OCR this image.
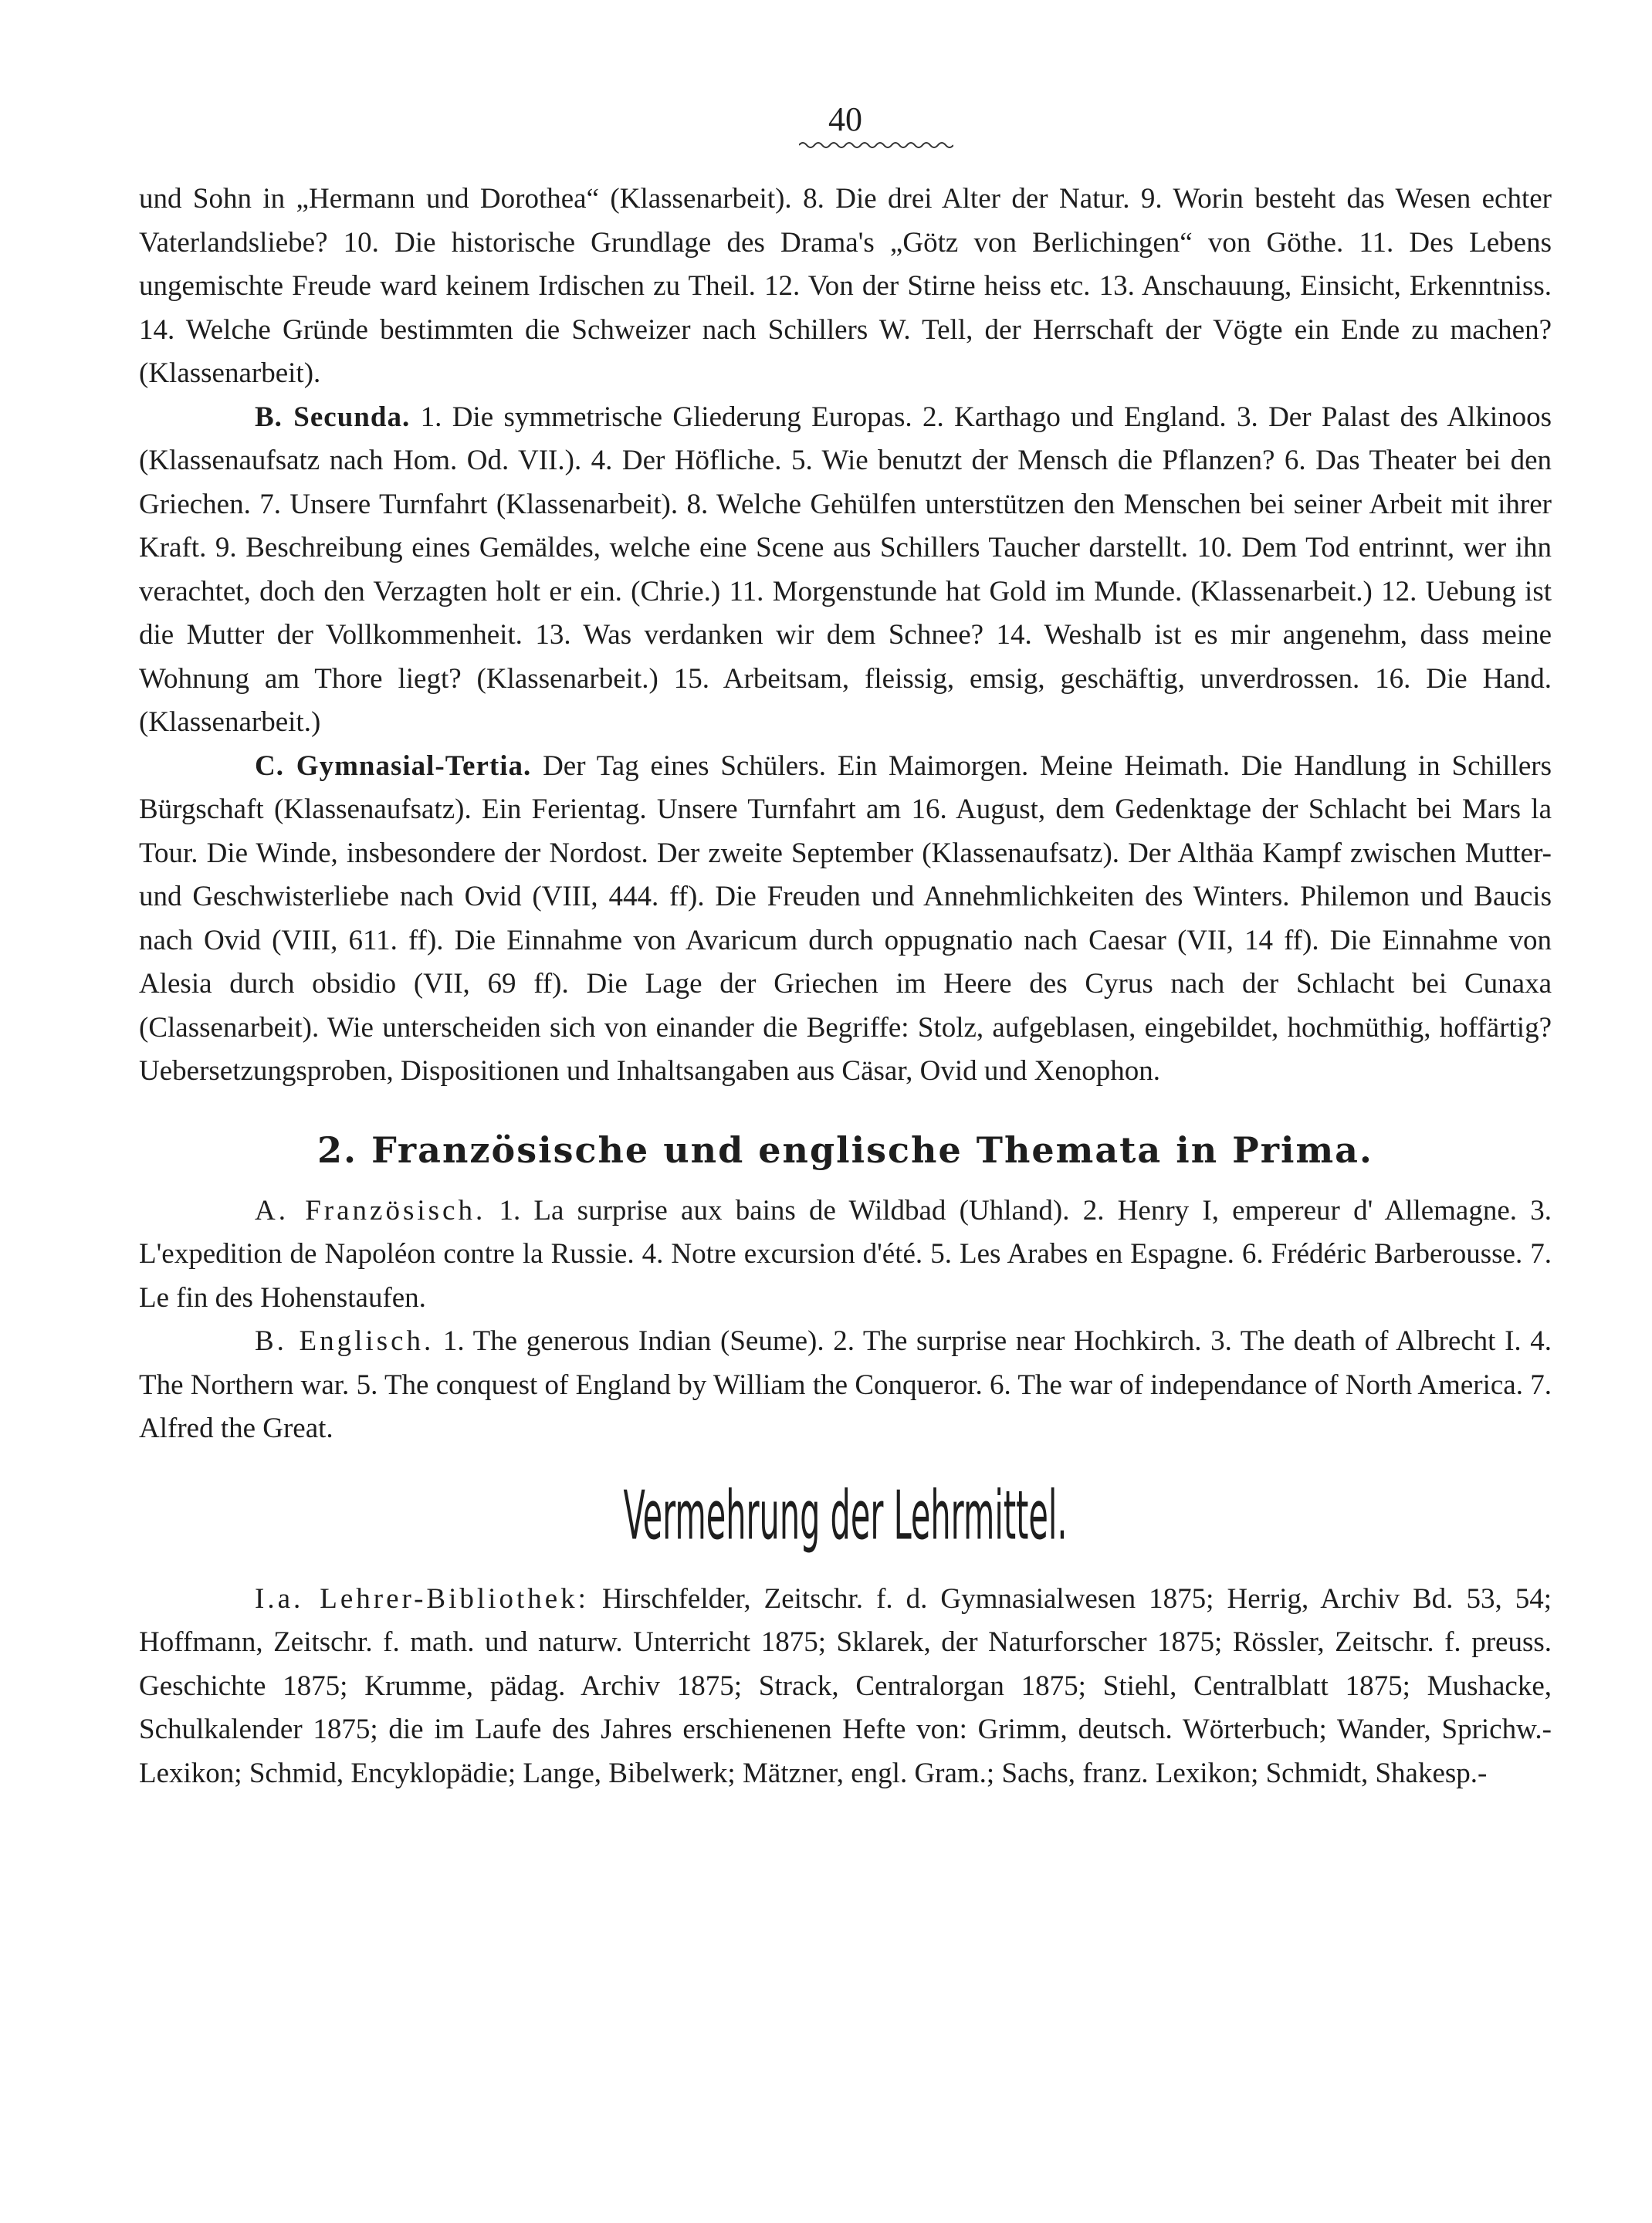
40

und Sohn in „Hermann und Dorothea“ (Klassenarbeit). 8. Die drei Alter der Natur. 9. Worin besteht das Wesen echter Vaterlandsliebe? 10. Die historische Grundlage des Drama's „Götz von Berlichingen“ von Göthe. 11. Des Lebens ungemischte Freude ward keinem Irdischen zu Theil. 12. Von der Stirne heiss etc. 13. Anschauung, Einsicht, Erkenntniss. 14. Welche Gründe bestimmten die Schweizer nach Schillers W. Tell, der Herrschaft der Vögte ein Ende zu machen? (Klassenarbeit).

B. Secunda. 1. Die symmetrische Gliederung Europas. 2. Karthago und England. 3. Der Palast des Alkinoos (Klassenaufsatz nach Hom. Od. VII.). 4. Der Höfliche. 5. Wie benutzt der Mensch die Pflanzen? 6. Das Theater bei den Griechen. 7. Unsere Turnfahrt (Klassenarbeit). 8. Welche Gehülfen unterstützen den Menschen bei seiner Arbeit mit ihrer Kraft. 9. Beschreibung eines Gemäldes, welche eine Scene aus Schillers Taucher darstellt. 10. Dem Tod entrinnt, wer ihn verachtet, doch den Verzagten holt er ein. (Chrie.) 11. Morgenstunde hat Gold im Munde. (Klassenarbeit.) 12. Uebung ist die Mutter der Vollkommenheit. 13. Was verdanken wir dem Schnee? 14. Weshalb ist es mir angenehm, dass meine Wohnung am Thore liegt? (Klassenarbeit.) 15. Arbeitsam, fleissig, emsig, geschäftig, unverdrossen. 16. Die Hand. (Klassenarbeit.)

C. Gymnasial-Tertia. Der Tag eines Schülers. Ein Maimorgen. Meine Heimath. Die Handlung in Schillers Bürgschaft (Klassenaufsatz). Ein Ferientag. Unsere Turnfahrt am 16. August, dem Gedenktage der Schlacht bei Mars la Tour. Die Winde, insbesondere der Nordost. Der zweite September (Klassenaufsatz). Der Althäa Kampf zwischen Mutter- und Geschwisterliebe nach Ovid (VIII, 444. ff). Die Freuden und Annehmlichkeiten des Winters. Philemon und Baucis nach Ovid (VIII, 611. ff). Die Einnahme von Avaricum durch oppugnatio nach Caesar (VII, 14 ff). Die Einnahme von Alesia durch obsidio (VII, 69 ff). Die Lage der Griechen im Heere des Cyrus nach der Schlacht bei Cunaxa (Classenarbeit). Wie unterscheiden sich von einander die Begriffe: Stolz, aufgeblasen, eingebildet, hochmüthig, hoffärtig? Uebersetzungsproben, Dispositionen und Inhaltsangaben aus Cäsar, Ovid und Xenophon.

2. Französische und englische Themata in Prima.

A. Französisch. 1. La surprise aux bains de Wildbad (Uhland). 2. Henry I, empereur d' Allemagne. 3. L'expedition de Napoléon contre la Russie. 4. Notre excursion d'été. 5. Les Arabes en Espagne. 6. Frédéric Barberousse. 7. Le fin des Hohenstaufen.

B. Englisch. 1. The generous Indian (Seume). 2. The surprise near Hochkirch. 3. The death of Albrecht I. 4. The Northern war. 5. The conquest of England by William the Conqueror. 6. The war of independance of North America. 7. Alfred the Great.

Vermehrung der Lehrmittel.

I.a. Lehrer-Bibliothek: Hirschfelder, Zeitschr. f. d. Gymnasialwesen 1875; Herrig, Archiv Bd. 53, 54; Hoffmann, Zeitschr. f. math. und naturw. Unterricht 1875; Sklarek, der Naturforscher 1875; Rössler, Zeitschr. f. preuss. Geschichte 1875; Krumme, pädag. Archiv 1875; Strack, Centralorgan 1875; Stiehl, Centralblatt 1875; Mushacke, Schulkalender 1875; die im Laufe des Jahres erschienenen Hefte von: Grimm, deutsch. Wörterbuch; Wander, Sprichw.-Lexikon; Schmid, Encyklopädie; Lange, Bibelwerk; Mätzner, engl. Gram.; Sachs, franz. Lexikon; Schmidt, Shakesp.-
